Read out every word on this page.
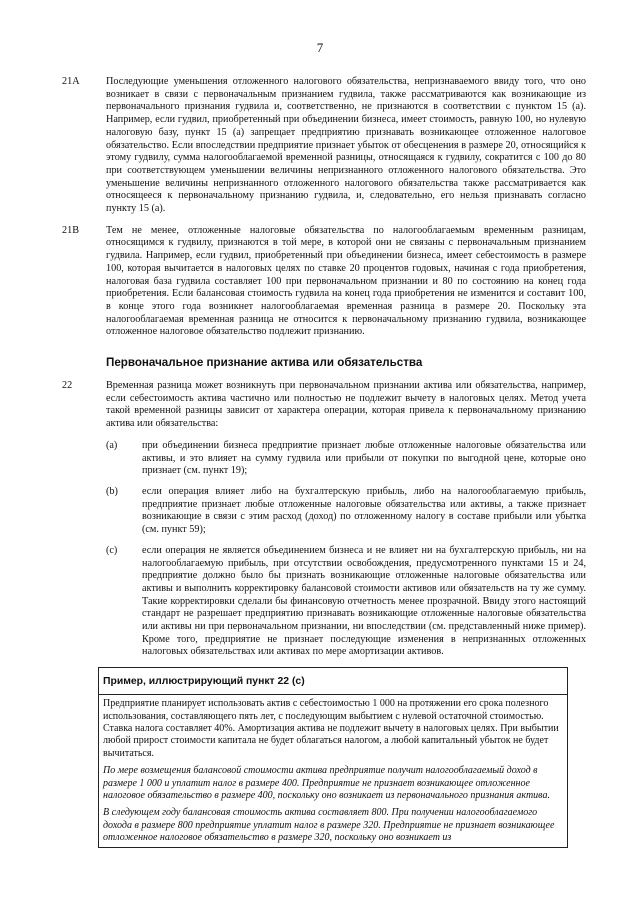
7
21A	Последующие уменьшения отложенного налогового обязательства, непризнаваемого ввиду того, что оно возникает в связи с первоначальным признанием гудвила, также рассматриваются как возникающие из первоначального признания гудвила и, соответственно, не признаются в соответствии с пунктом 15 (а). Например, если гудвил, приобретенный при объединении бизнеса, имеет стоимость, равную 100, но нулевую налоговую базу, пункт 15 (а) запрещает предприятию признавать возникающее отложенное налоговое обязательство. Если впоследствии предприятие признает убыток от обесценения в размере 20, относящийся к этому гудвилу, сумма налогооблагаемой временной разницы, относящаяся к гудвилу, сократится с 100 до 80 при соответствующем уменьшении величины непризнанного отложенного налогового обязательства. Это уменьшение величины непризнанного отложенного налогового обязательства также рассматривается как относящееся к первоначальному признанию гудвила, и, следовательно, его нельзя признавать согласно пункту 15 (а).
21B	Тем не менее, отложенные налоговые обязательства по налогооблагаемым временным разницам, относящимся к гудвилу, признаются в той мере, в которой они не связаны с первоначальным признанием гудвила. Например, если гудвил, приобретенный при объединении бизнеса, имеет себестоимость в размере 100, которая вычитается в налоговых целях по ставке 20 процентов годовых, начиная с года приобретения, налоговая база гудвила составляет 100 при первоначальном признании и 80 по состоянию на конец года приобретения. Если балансовая стоимость гудвила на конец года приобретения не изменится и составит 100, в конце этого года возникнет налогооблагаемая временная разница в размере 20. Поскольку эта налогооблагаемая временная разница не относится к первоначальному признанию гудвила, возникающее отложенное налоговое обязательство подлежит признанию.
Первоначальное признание актива или обязательства
22	Временная разница может возникнуть при первоначальном признании актива или обязательства, например, если себестоимость актива частично или полностью не подлежит вычету в налоговых целях. Метод учета такой временной разницы зависит от характера операции, которая привела к первоначальному признанию актива или обязательства:
(a) при объединении бизнеса предприятие признает любые отложенные налоговые обязательства или активы, и это влияет на сумму гудвила или прибыли от покупки по выгодной цене, которые оно признает (см. пункт 19);
(b) если операция влияет либо на бухгалтерскую прибыль, либо на налогооблагаемую прибыль, предприятие признает любые отложенные налоговые обязательства или активы, а также признает возникающие в связи с этим расход (доход) по отложенному налогу в составе прибыли или убытка (см. пункт 59);
(c) если операция не является объединением бизнеса и не влияет ни на бухгалтерскую прибыль, ни на налогооблагаемую прибыль, при отсутствии освобождения, предусмотренного пунктами 15 и 24, предприятие должно было бы признать возникающие отложенные налоговые обязательства или активы и выполнить корректировку балансовой стоимости активов или обязательств на ту же сумму. Такие корректировки сделали бы финансовую отчетность менее прозрачной. Ввиду этого настоящий стандарт не разрешает предприятию признавать возникающие отложенные налоговые обязательства или активы ни при первоначальном признании, ни впоследствии (см. представленный ниже пример). Кроме того, предприятие не признает последующие изменения в непризнанных отложенных налоговых обязательствах или активах по мере амортизации активов.
Пример, иллюстрирующий пункт 22 (с)
Предприятие планирует использовать актив с себестоимостью 1 000 на протяжении его срока полезного использования, составляющего пять лет, с последующим выбытием с нулевой остаточной стоимостью. Ставка налога составляет 40%. Амортизация актива не подлежит вычету в налоговых целях. При выбытии любой прирост стоимости капитала не будет облагаться налогом, а любой капитальный убыток не будет вычитаться.
По мере возмещения балансовой стоимости актива предприятие получит налогооблагаемый доход в размере 1 000 и уплатит налог в размере 400. Предприятие не признает возникающее отложенное налоговое обязательство в размере 400, поскольку оно возникает из первоначального признания актива.
В следующем году балансовая стоимость актива составляет 800. При получении налогооблагаемого дохода в размере 800 предприятие уплатит налог в размере 320. Предприятие не признает возникающее отложенное налоговое обязательство в размере 320, поскольку оно возникает из
